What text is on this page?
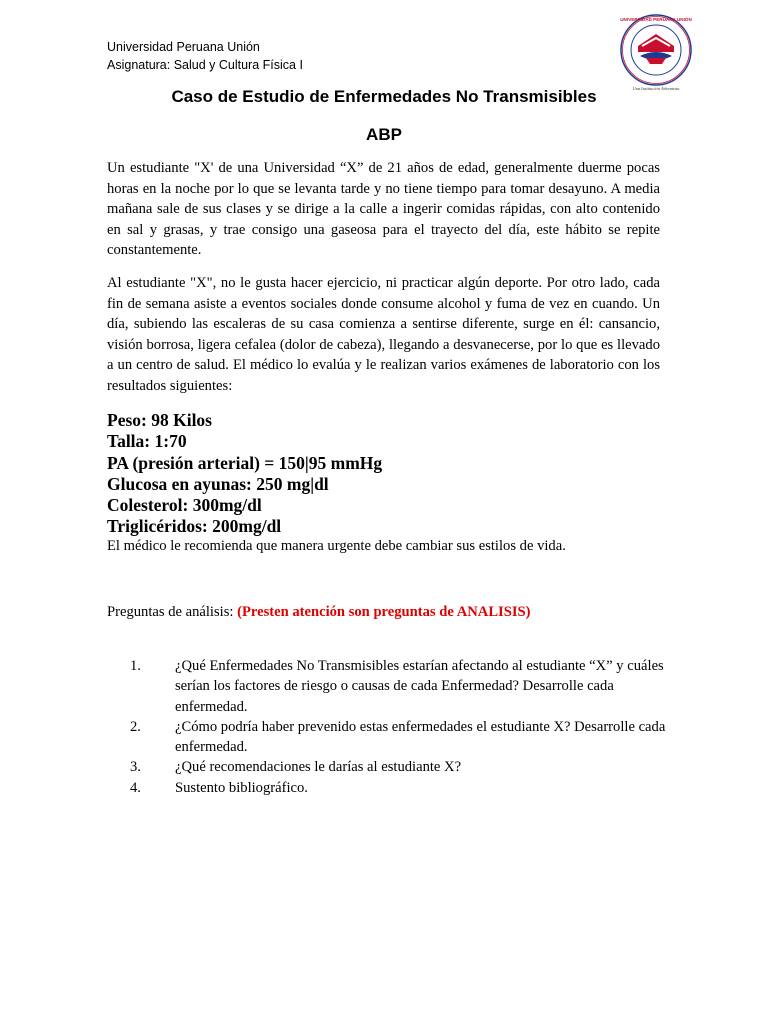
Universidad Peruana Unión
Asignatura: Salud y Cultura Física I
UNIVERSIDAD PERUANA UNIÓN
Una Institución Adventista
Caso de Estudio de Enfermedades No Transmisibles
ABP
Un estudiante "X' de una Universidad “X” de 21 años de edad, generalmente duerme pocas horas en la noche por lo que se levanta tarde y no tiene tiempo para tomar desayuno. A media mañana sale de sus clases y se dirige a la calle a ingerir comidas rápidas, con alto contenido en sal y grasas, y trae consigo una gaseosa para el trayecto del día, este hábito se repite constantemente.
Al estudiante "X", no le gusta hacer ejercicio, ni practicar algún deporte. Por otro lado, cada fin de semana asiste a eventos sociales donde consume alcohol y fuma de vez en cuando. Un día, subiendo las escaleras de su casa comienza a sentirse diferente, surge en él: cansancio, visión borrosa, ligera cefalea (dolor de cabeza), llegando a desvanecerse, por lo que es llevado a un centro de salud. El médico lo evalúa y le realizan varios exámenes de laboratorio con los resultados siguientes:
Peso: 98 Kilos
Talla: 1:70
PA (presión arterial) = 150|95 mmHg
Glucosa en ayunas: 250 mg|dl
Colesterol: 300mg/dl
Triglicéridos: 200mg/dl
El médico le recomienda que manera urgente debe cambiar sus estilos de vida.
Preguntas de análisis: (Presten atención son preguntas de ANALISIS)
1.	¿Qué Enfermedades No Transmisibles estarían afectando al estudiante “X” y cuáles serían los factores de riesgo o causas de cada Enfermedad? Desarrolle cada enfermedad.
2.	¿Cómo podría haber prevenido estas enfermedades el estudiante X? Desarrolle cada enfermedad.
3.	¿Qué recomendaciones le darías al estudiante X?
4.	Sustento bibliográfico.
